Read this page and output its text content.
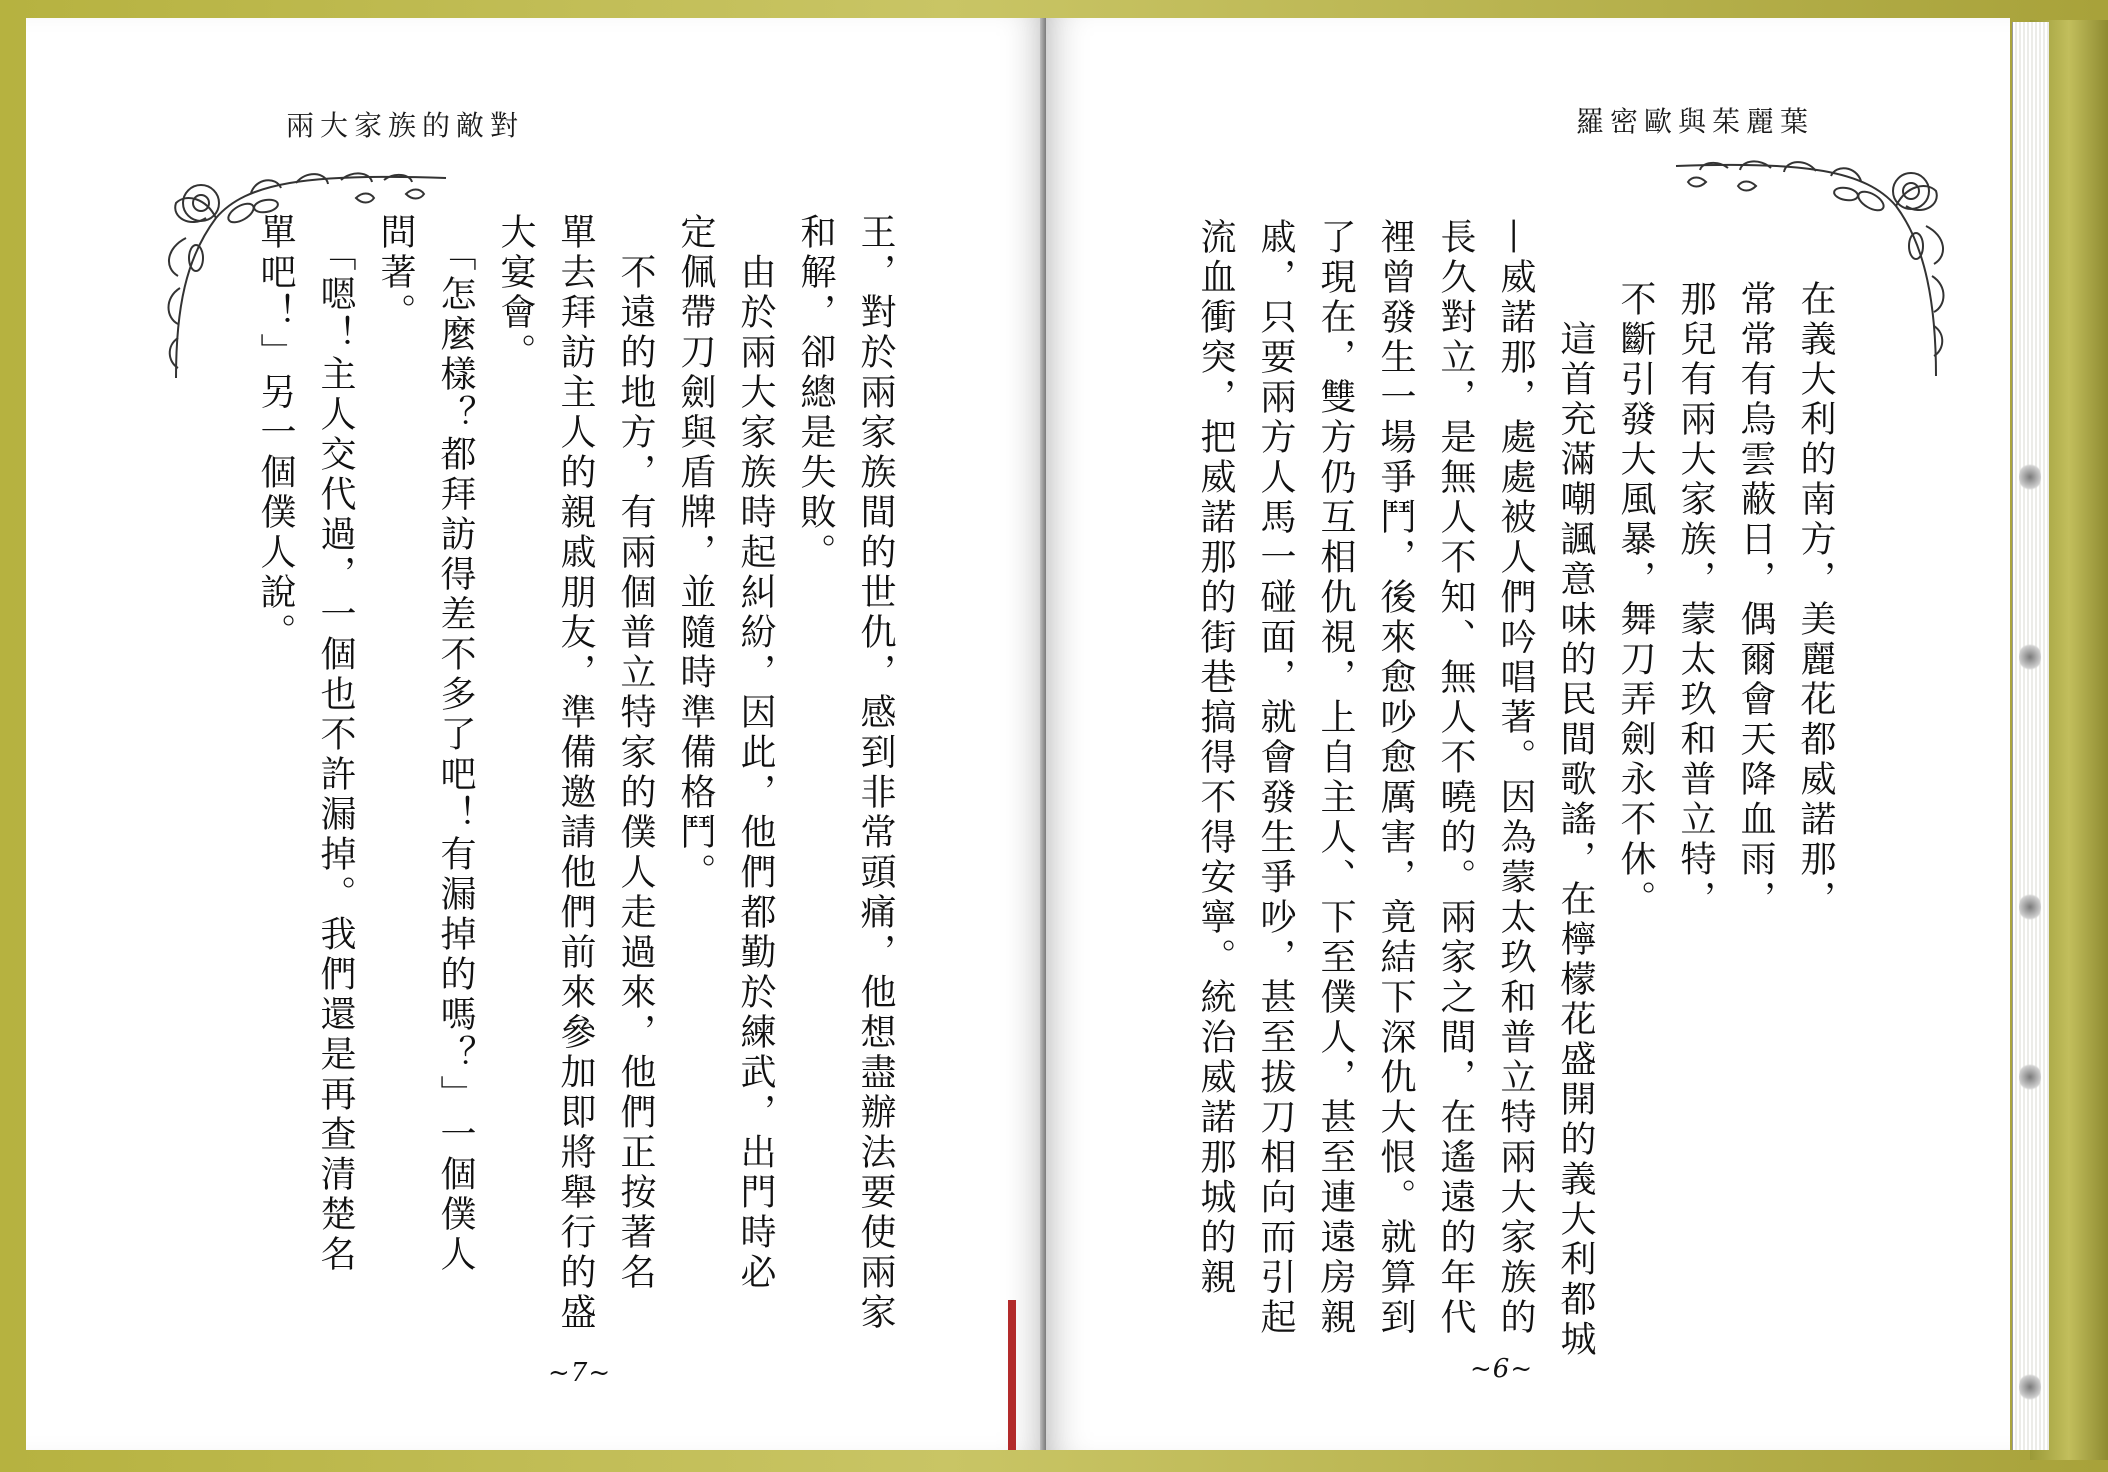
兩大家族的敵對
王，對於兩家族間的世仇，感到非常頭痛，他想盡辦法要使兩家
和解，卻總是失敗。
　由於兩大家族時起糾紛，因此，他們都勤於練武，出門時必
定佩帶刀劍與盾牌，並隨時準備格鬥。
　不遠的地方，有兩個普立特家的僕人走過來，他們正按著名
單去拜訪主人的親戚朋友，準備邀請他們前來參加即將舉行的盛
大宴會。
　「怎麼樣？都拜訪得差不多了吧！有漏掉的嗎？」一個僕人
問著。
　「嗯！主人交代過，一個也不許漏掉。我們還是再查清楚名
單吧！」另一個僕人說。
~7~
羅密歐與茱麗葉
在義大利的南方，美麗花都威諾那，
常常有烏雲蔽日，偶爾會天降血雨，
那兒有兩大家族，蒙太玖和普立特，
不斷引發大風暴，舞刀弄劍永不休。
　這首充滿嘲諷意味的民間歌謠，在檸檬花盛開的義大利都城
—威諾那，處處被人們吟唱著。因為蒙太玖和普立特兩大家族的
長久對立，是無人不知、無人不曉的。兩家之間，在遙遠的年代
裡曾發生一場爭鬥，後來愈吵愈厲害，竟結下深仇大恨。就算到
了現在，雙方仍互相仇視，上自主人、下至僕人，甚至連遠房親
戚，只要兩方人馬一碰面，就會發生爭吵，甚至拔刀相向而引起
流血衝突，把威諾那的街巷搞得不得安寧。統治威諾那城的親
~6~
